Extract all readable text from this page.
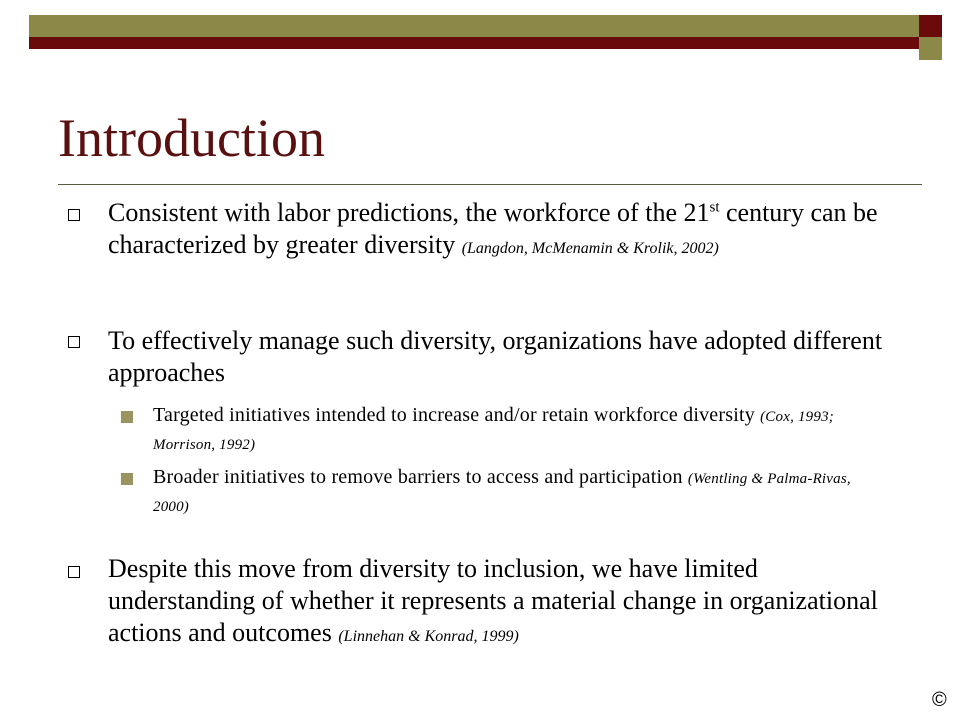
Introduction
Consistent with labor predictions, the workforce of the 21st century can be characterized by greater diversity (Langdon, McMenamin & Krolik, 2002)
To effectively manage such diversity, organizations have adopted different approaches
Targeted initiatives intended to increase and/or retain workforce diversity (Cox, 1993; Morrison, 1992)
Broader initiatives to remove barriers to access and participation (Wentling & Palma-Rivas, 2000)
Despite this move from diversity to inclusion, we have limited understanding of whether it represents a material change in organizational actions and outcomes (Linnehan & Konrad, 1999)
©
